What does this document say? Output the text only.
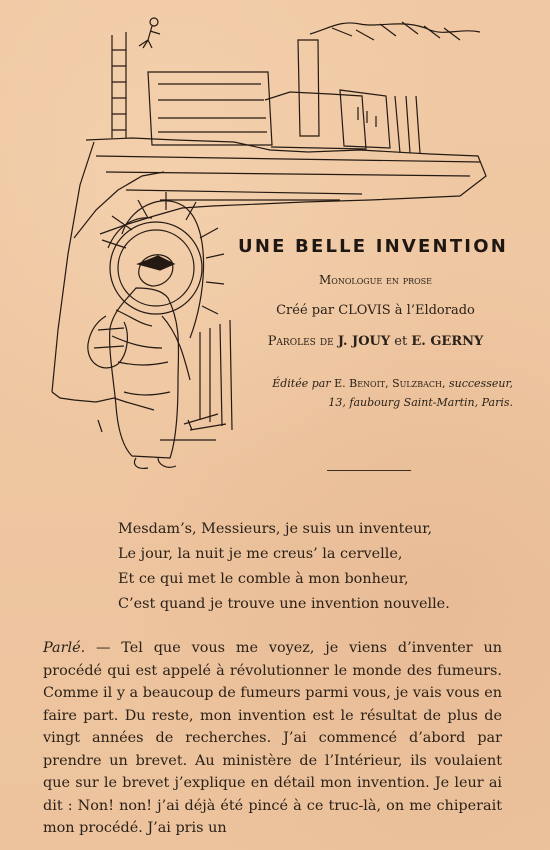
UNE BELLE INVENTION
Monologue en prose
Créé par CLOVIS à l’Eldorado
Paroles de J. JOUY et E. GERNY
Éditée par E. Benoit, Sulzbach, successeur,
13, faubourg Saint-Martin, Paris.

Mesdam’s, Messieurs, je suis un inventeur,

Le jour, la nuit je me creus’ la cervelle,

Et ce qui met le comble à mon bonheur,

C’est quand je trouve une invention nouvelle.

Parlé. — Tel que vous me voyez, je viens d’inventer un procédé qui est appelé à révolutionner le monde des fumeurs. Comme il y a beaucoup de fumeurs parmi vous, je vais vous en faire part. Du reste, mon invention est le résultat de plus de vingt années de recherches. J’ai commencé d’abord par prendre un brevet. Au ministère de l’Intérieur, ils voulaient que sur le brevet j’explique en détail mon invention. Je leur ai dit : Non! non! j’ai déjà été pincé à ce truc-là, on me chiperait mon procédé. J’ai pris un
